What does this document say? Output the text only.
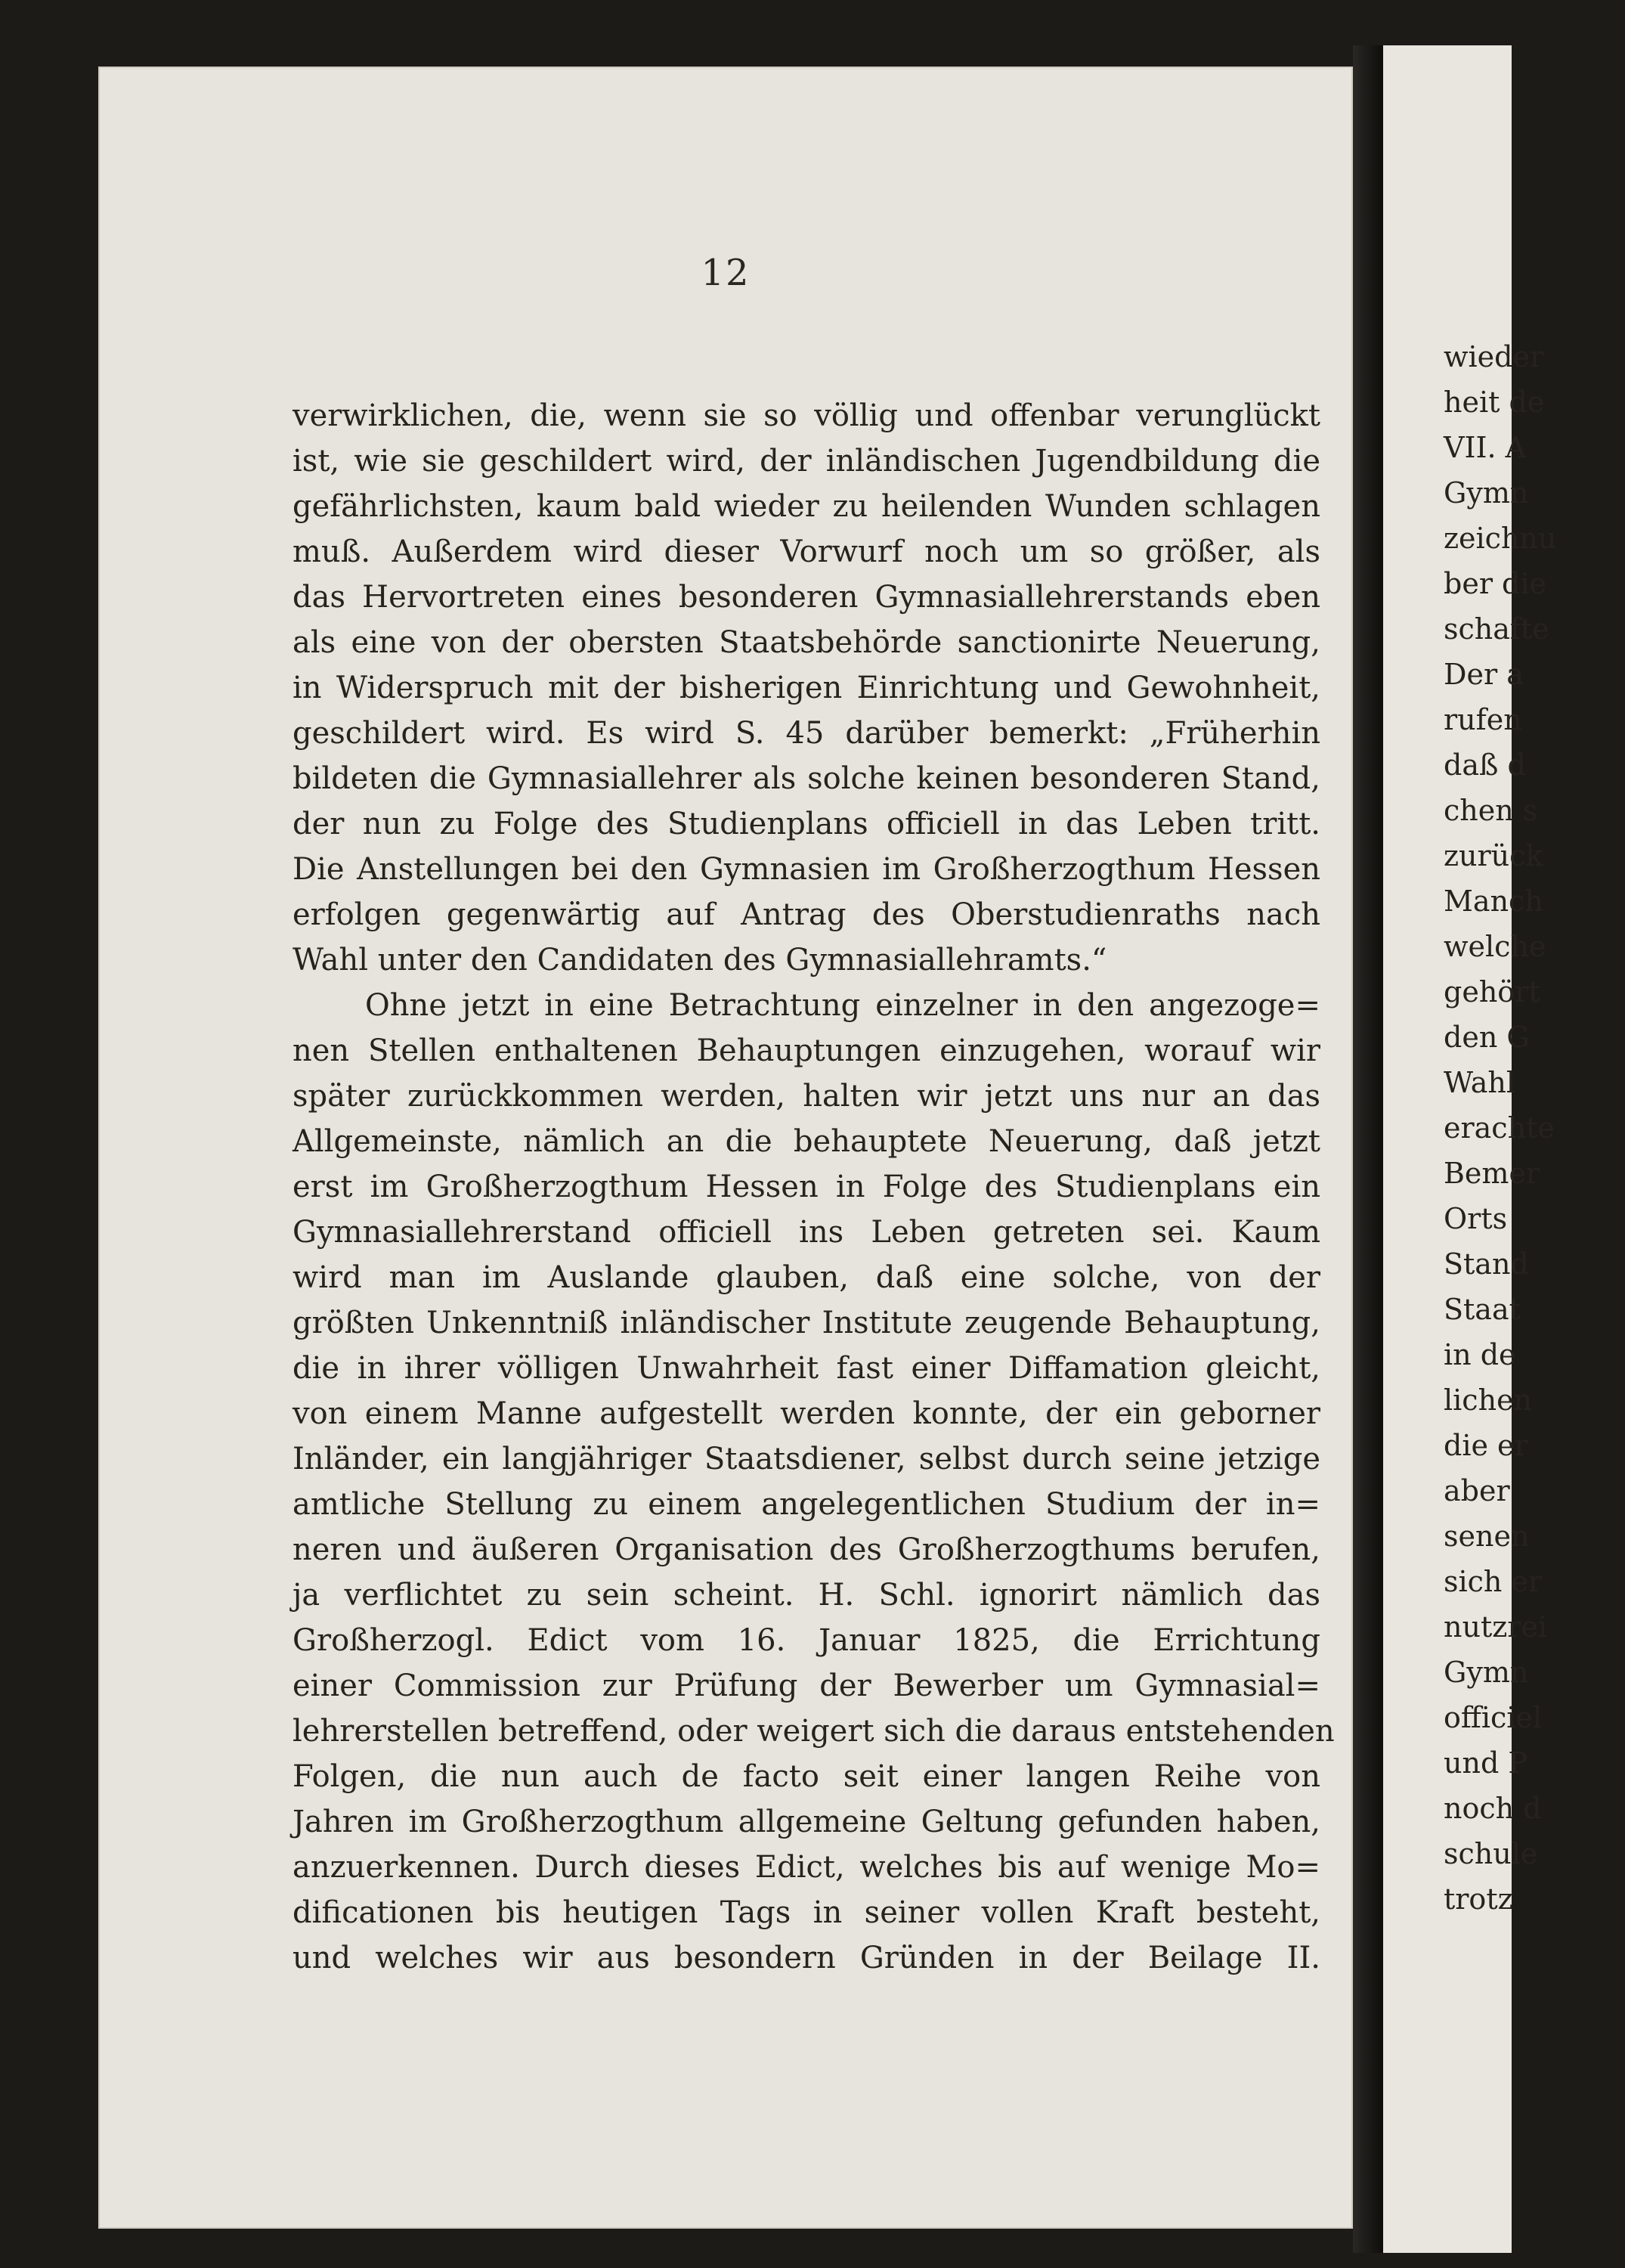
12
verwirklichen, die, wenn sie so völlig und offenbar verunglückt
ist, wie sie geschildert wird, der inländischen Jugendbildung die
gefährlichsten, kaum bald wieder zu heilenden Wunden schlagen
muß. Außerdem wird dieser Vorwurf noch um so größer, als
das Hervortreten eines besonderen Gymnasiallehrerstands eben
als eine von der obersten Staatsbehörde sanctionirte Neuerung,
in Widerspruch mit der bisherigen Einrichtung und Gewohnheit,
geschildert wird. Es wird S. 45 darüber bemerkt: „Früherhin
bildeten die Gymnasiallehrer als solche keinen besonderen Stand,
der nun zu Folge des Studienplans officiell in das Leben tritt.
Die Anstellungen bei den Gymnasien im Großherzogthum Hessen
erfolgen gegenwärtig auf Antrag des Oberstudienraths nach
Wahl unter den Candidaten des Gymnasiallehramts.“
Ohne jetzt in eine Betrachtung einzelner in den angezoge=
nen Stellen enthaltenen Behauptungen einzugehen, worauf wir
später zurückkommen werden, halten wir jetzt uns nur an das
Allgemeinste, nämlich an die behauptete Neuerung, daß jetzt
erst im Großherzogthum Hessen in Folge des Studienplans ein
Gymnasiallehrerstand officiell ins Leben getreten sei. Kaum
wird man im Auslande glauben, daß eine solche, von der
größten Unkenntniß inländischer Institute zeugende Behauptung,
die in ihrer völligen Unwahrheit fast einer Diffamation gleicht,
von einem Manne aufgestellt werden konnte, der ein geborner
Inländer, ein langjähriger Staatsdiener, selbst durch seine jetzige
amtliche Stellung zu einem angelegentlichen Studium der in=
neren und äußeren Organisation des Großherzogthums berufen,
ja verflichtet zu sein scheint. H. Schl. ignorirt nämlich das
Großherzogl. Edict vom 16. Januar 1825, die Errichtung
einer Commission zur Prüfung der Bewerber um Gymnasial=
lehrerstellen betreffend, oder weigert sich die daraus entstehenden
Folgen, die nun auch de facto seit einer langen Reihe von
Jahren im Großherzogthum allgemeine Geltung gefunden haben,
anzuerkennen. Durch dieses Edict, welches bis auf wenige Mo=
dificationen bis heutigen Tags in seiner vollen Kraft besteht,
und welches wir aus besondern Gründen in der Beilage II.
wieder
heit de
VII. A
Gymn
zeichnu
ber die
schafte
Der a
rufen
daß d
chen s
zurück
Manch
welche
gehört
den G
Wahl
erachte
Bemer
Orts
Stand
Staat
in de
lichen
die er
aber
senen
sich er
nutzrei
Gymn
officiel
und P
noch d
schule
trotz
